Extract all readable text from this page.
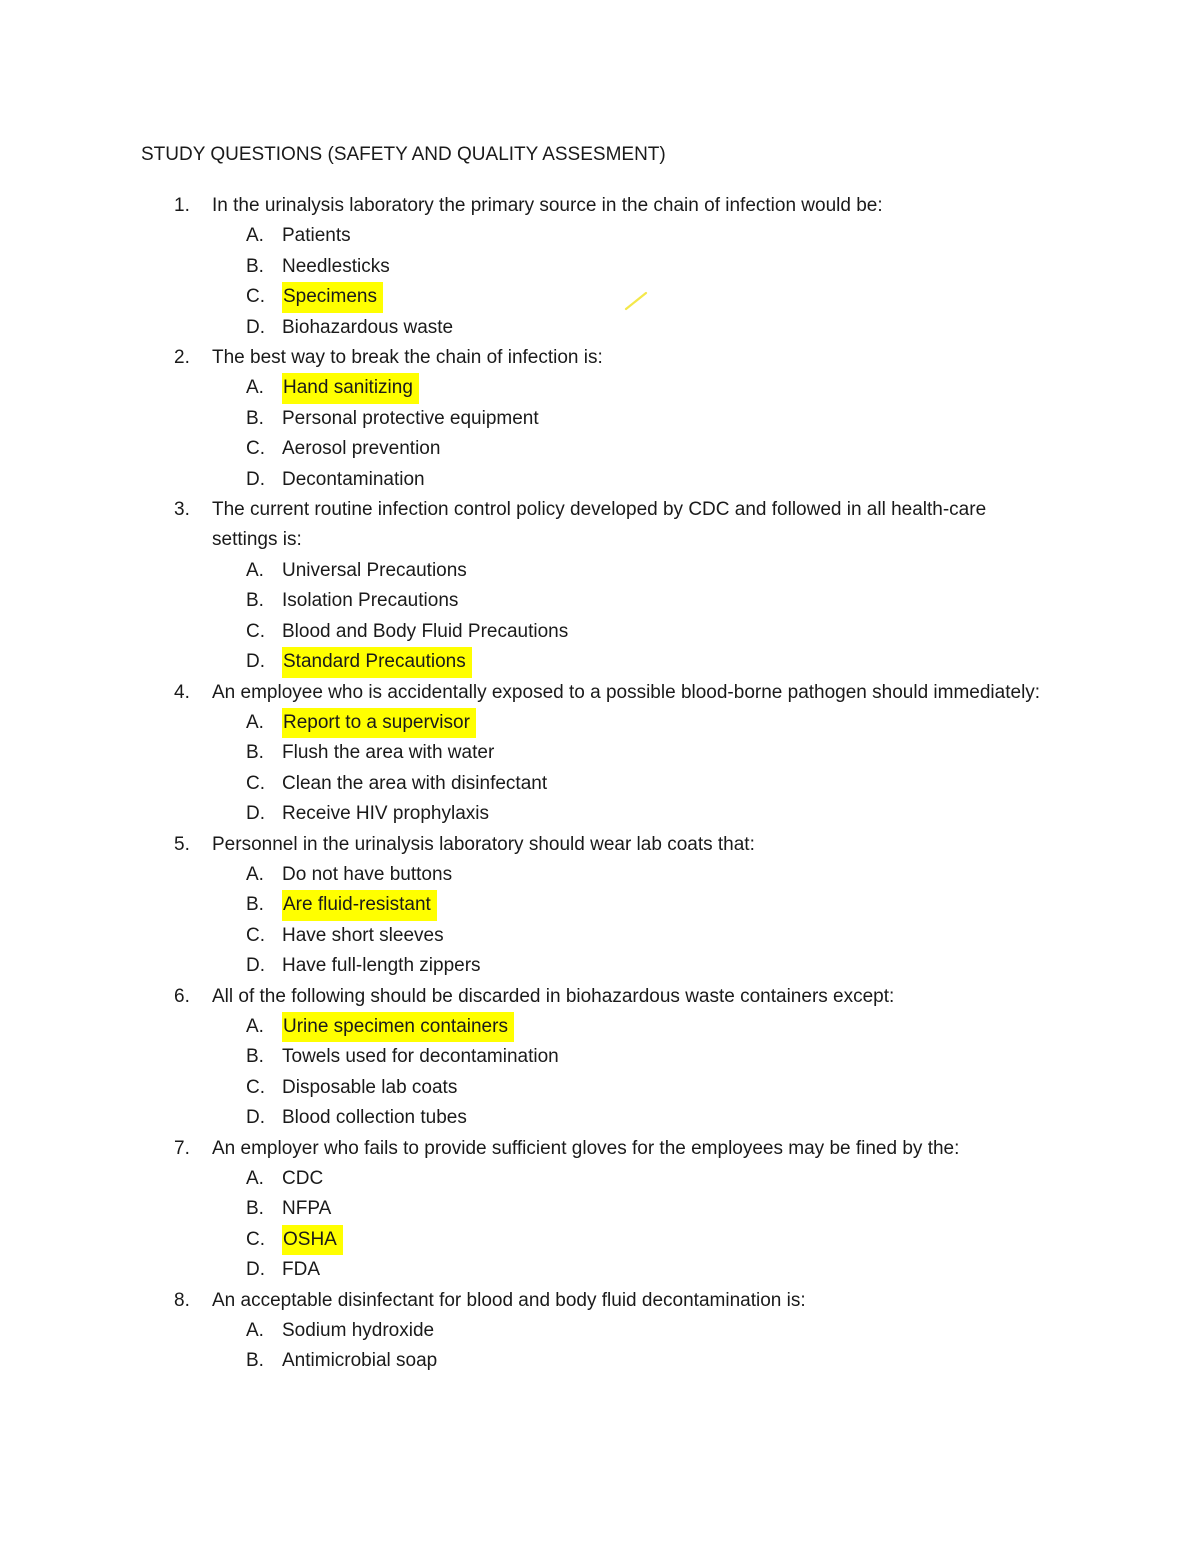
STUDY QUESTIONS (SAFETY AND QUALITY ASSESMENT)
1.	In the urinalysis laboratory the primary source in the chain of infection would be:
A. Patients
B. Needlesticks
C. Specimens
D. Biohazardous waste
2.	The best way to break the chain of infection is:
A.	Hand sanitizing
B. Personal protective equipment
C. Aerosol prevention
D. Decontamination
3.	The current routine infection control policy developed by CDC and followed in all health-care settings is:
A. Universal Precautions
B. Isolation Precautions
C. Blood and Body Fluid Precautions
D. Standard Precautions
4.	An employee who is accidentally exposed to a possible blood-borne pathogen should immediately:
A.	Report to a supervisor
B. Flush the area with water
C. Clean the area with disinfectant
D. Receive HIV prophylaxis
5.	Personnel in the urinalysis laboratory should wear lab coats that:
A. Do not have buttons
B.	Are fluid-resistant
C. Have short sleeves
D. Have full-length zippers
6.	All of the following should be discarded in biohazardous waste containers except:
A.	Urine specimen containers
B. Towels used for decontamination
C. Disposable lab coats
D. Blood collection tubes
7.	An employer who fails to provide sufficient gloves for the employees may be fined by the:
A. CDC
B. NFPA
C. OSHA
D. FDA
8.	An acceptable disinfectant for blood and body fluid decontamination is:
A. Sodium hydroxide
B. Antimicrobial soap
